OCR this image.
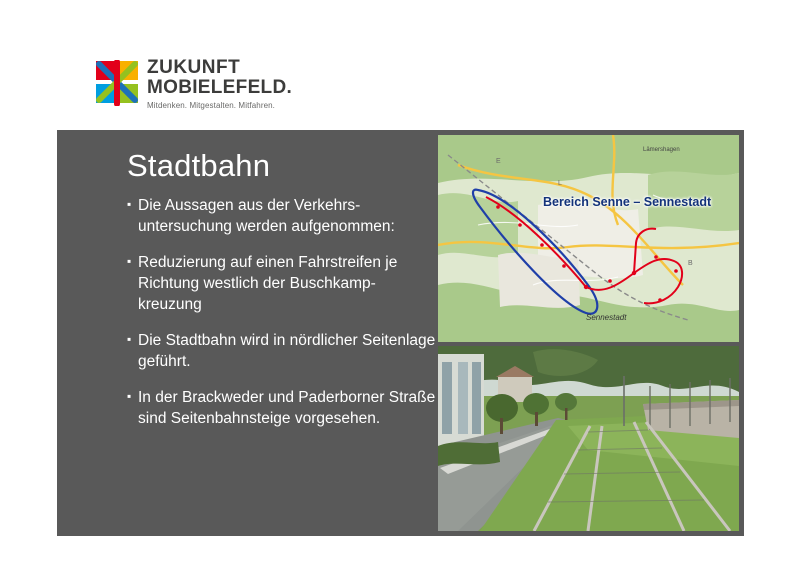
ZUKUNFT
MOBIELEFELD.
Mitdenken. Mitgestalten. Mitfahren.
Stadtbahn
▪ Die Aussagen aus der Verkehrs-untersuchung werden aufgenommen:
▪ Reduzierung auf einen Fahrstreifen je Richtung westlich der Buschkamp-kreuzung
▪ Die Stadtbahn wird in nördlicher Seitenlage geführt.
▪ In der Brackweder und Paderborner Straße sind Seitenbahnsteige vorgesehen.
E
L
B
Lämershagen
Bereich Senne – Sennestadt
Sennestadt
